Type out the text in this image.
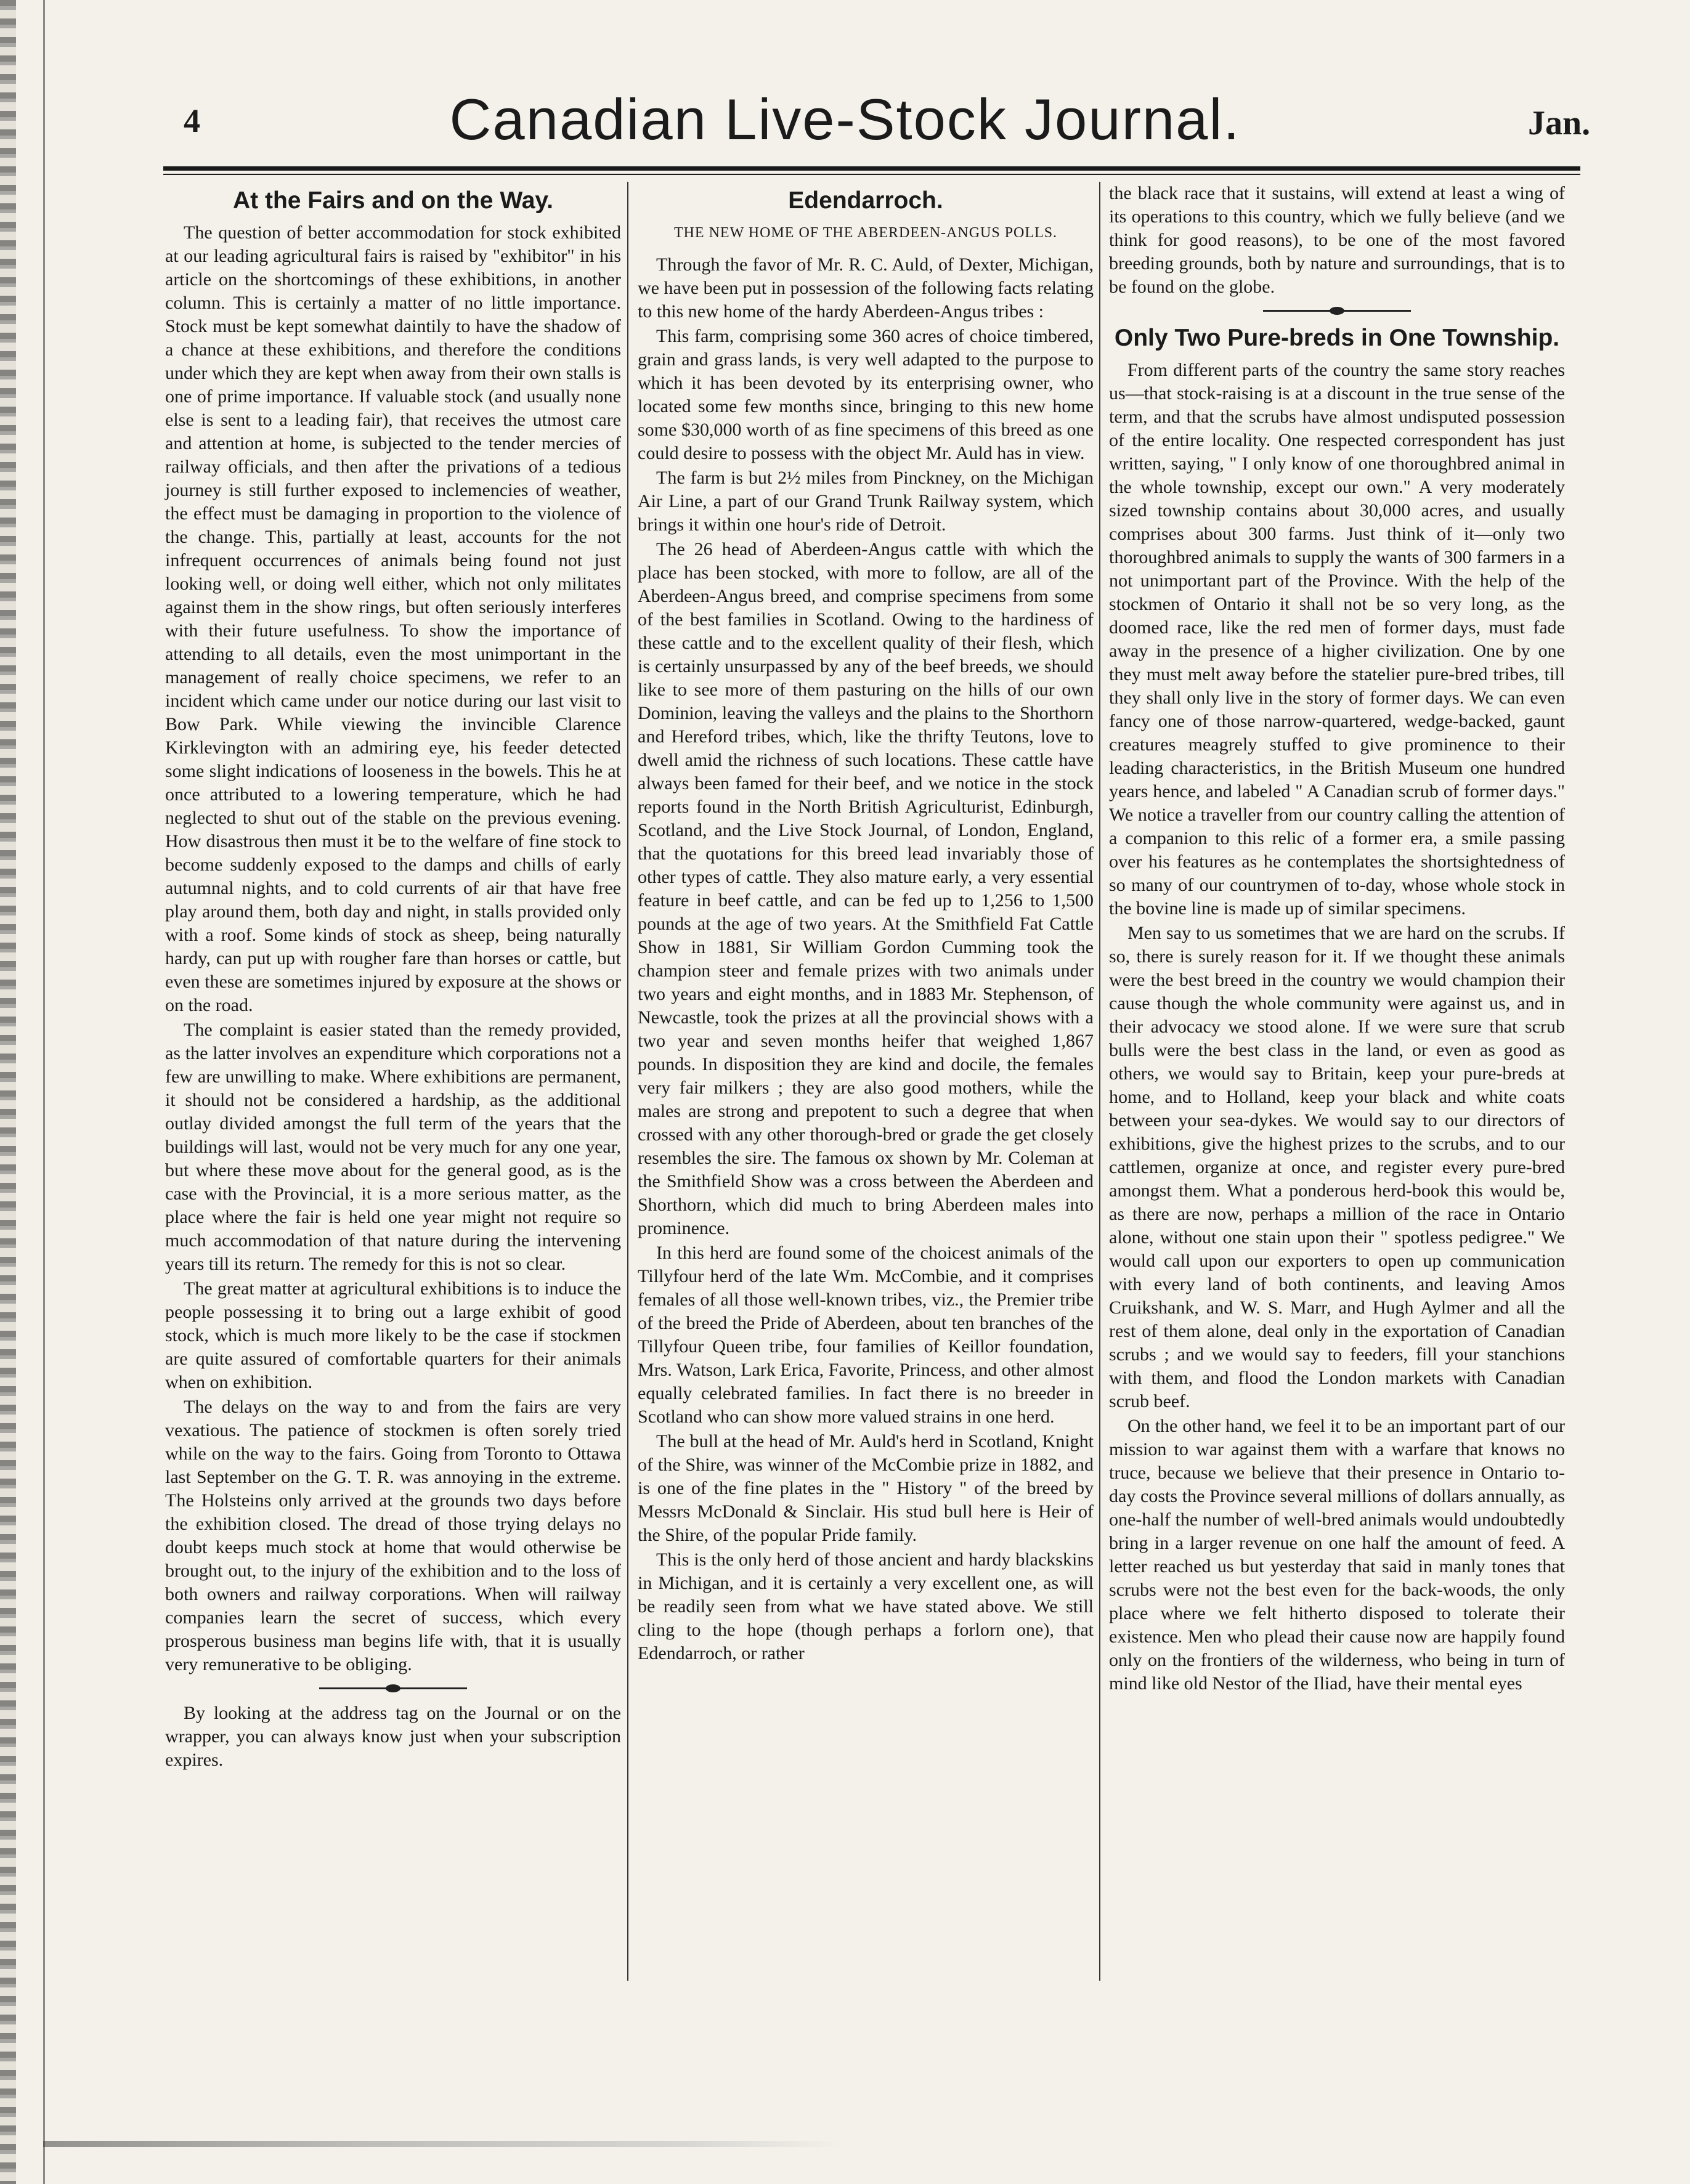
4	Canadian Live-Stock Journal.	Jan.
At the Fairs and on the Way.

The question of better accommodation for stock exhibited at our leading agricultural fairs is raised by "exhibitor" in his article on the shortcomings of these exhibitions, in another column. This is certainly a matter of no little importance. Stock must be kept somewhat daintily to have the shadow of a chance at these exhibitions, and therefore the conditions under which they are kept when away from their own stalls is one of prime importance. If valuable stock (and usually none else is sent to a leading fair), that receives the utmost care and attention at home, is subjected to the tender mercies of railway officials, and then after the privations of a tedious journey is still further exposed to inclemencies of weather, the effect must be damaging in proportion to the violence of the change. This, partially at least, accounts for the not infrequent occurrences of animals being found not just looking well, or doing well either, which not only militates against them in the show rings, but often seriously interferes with their future usefulness. To show the importance of attending to all details, even the most unimportant in the management of really choice specimens, we refer to an incident which came under our notice during our last visit to Bow Park. While viewing the invincible Clarence Kirklevington with an admiring eye, his feeder detected some slight indications of looseness in the bowels. This he at once attributed to a lowering temperature, which he had neglected to shut out of the stable on the previous evening. How disastrous then must it be to the welfare of fine stock to become suddenly exposed to the damps and chills of early autumnal nights, and to cold currents of air that have free play around them, both day and night, in stalls provided only with a roof. Some kinds of stock as sheep, being naturally hardy, can put up with rougher fare than horses or cattle, but even these are sometimes injured by exposure at the shows or on the road.

The complaint is easier stated than the remedy provided, as the latter involves an expenditure which corporations not a few are unwilling to make. Where exhibitions are permanent, it should not be considered a hardship, as the additional outlay divided amongst the full term of the years that the buildings will last, would not be very much for any one year, but where these move about for the general good, as is the case with the Provincial, it is a more serious matter, as the place where the fair is held one year might not require so much accommodation of that nature during the intervening years till its return. The remedy for this is not so clear.

The great matter at agricultural exhibitions is to induce the people possessing it to bring out a large exhibit of good stock, which is much more likely to be the case if stockmen are quite assured of comfortable quarters for their animals when on exhibition.

The delays on the way to and from the fairs are very vexatious. The patience of stockmen is often sorely tried while on the way to the fairs. Going from Toronto to Ottawa last September on the G. T. R. was annoying in the extreme. The Holsteins only arrived at the grounds two days before the exhibition closed. The dread of those trying delays no doubt keeps much stock at home that would otherwise be brought out, to the injury of the exhibition and to the loss of both owners and railway corporations. When will railway companies learn the secret of success, which every prosperous business man begins life with, that it is usually very remunerative to be obliging.

By looking at the address tag on the Journal or on the wrapper, you can always know just when your subscription expires.

Edendarroch.
THE NEW HOME OF THE ABERDEEN-ANGUS POLLS.

Through the favor of Mr. R. C. Auld, of Dexter, Michigan, we have been put in possession of the following facts relating to this new home of the hardy Aberdeen-Angus tribes :

This farm, comprising some 360 acres of choice timbered, grain and grass lands, is very well adapted to the purpose to which it has been devoted by its enterprising owner, who located some few months since, bringing to this new home some $30,000 worth of as fine specimens of this breed as one could desire to possess with the object Mr. Auld has in view.

The farm is but 2½ miles from Pinckney, on the Michigan Air Line, a part of our Grand Trunk Railway system, which brings it within one hour's ride of Detroit.

The 26 head of Aberdeen-Angus cattle with which the place has been stocked, with more to follow, are all of the Aberdeen-Angus breed, and comprise specimens from some of the best families in Scotland. Owing to the hardiness of these cattle and to the excellent quality of their flesh, which is certainly unsurpassed by any of the beef breeds, we should like to see more of them pasturing on the hills of our own Dominion, leaving the valleys and the plains to the Shorthorn and Hereford tribes, which, like the thrifty Teutons, love to dwell amid the richness of such locations. These cattle have always been famed for their beef, and we notice in the stock reports found in the North British Agriculturist, Edinburgh, Scotland, and the Live Stock Journal, of London, England, that the quotations for this breed lead invariably those of other types of cattle. They also mature early, a very essential feature in beef cattle, and can be fed up to 1,256 to 1,500 pounds at the age of two years. At the Smithfield Fat Cattle Show in 1881, Sir William Gordon Cumming took the champion steer and female prizes with two animals under two years and eight months, and in 1883 Mr. Stephenson, of Newcastle, took the prizes at all the provincial shows with a two year and seven months heifer that weighed 1,867 pounds. In disposition they are kind and docile, the females very fair milkers ; they are also good mothers, while the males are strong and prepotent to such a degree that when crossed with any other thorough-bred or grade the get closely resembles the sire. The famous ox shown by Mr. Coleman at the Smithfield Show was a cross between the Aberdeen and Shorthorn, which did much to bring Aberdeen males into prominence.

In this herd are found some of the choicest animals of the Tillyfour herd of the late Wm. McCombie, and it comprises females of all those well-known tribes, viz., the Premier tribe of the breed the Pride of Aberdeen, about ten branches of the Tillyfour Queen tribe, four families of Keillor foundation, Mrs. Watson, Lark Erica, Favorite, Princess, and other almost equally celebrated families. In fact there is no breeder in Scotland who can show more valued strains in one herd.

The bull at the head of Mr. Auld's herd in Scotland, Knight of the Shire, was winner of the McCombie prize in 1882, and is one of the fine plates in the " History " of the breed by Messrs McDonald & Sinclair. His stud bull here is Heir of the Shire, of the popular Pride family.

This is the only herd of those ancient and hardy blackskins in Michigan, and it is certainly a very excellent one, as will be readily seen from what we have stated above. We still cling to the hope (though perhaps a forlorn one), that Edendarroch, or rather

the black race that it sustains, will extend at least a wing of its operations to this country, which we fully believe (and we think for good reasons), to be one of the most favored breeding grounds, both by nature and surroundings, that is to be found on the globe.

Only Two Pure-breds in One Township.

From different parts of the country the same story reaches us—that stock-raising is at a discount in the true sense of the term, and that the scrubs have almost undisputed possession of the entire locality. One respected correspondent has just written, saying, " I only know of one thoroughbred animal in the whole township, except our own." A very moderately sized township contains about 30,000 acres, and usually comprises about 300 farms. Just think of it—only two thoroughbred animals to supply the wants of 300 farmers in a not unimportant part of the Province. With the help of the stockmen of Ontario it shall not be so very long, as the doomed race, like the red men of former days, must fade away in the presence of a higher civilization. One by one they must melt away before the statelier pure-bred tribes, till they shall only live in the story of former days. We can even fancy one of those narrow-quartered, wedge-backed, gaunt creatures meagrely stuffed to give prominence to their leading characteristics, in the British Museum one hundred years hence, and labeled " A Canadian scrub of former days." We notice a traveller from our country calling the attention of a companion to this relic of a former era, a smile passing over his features as he contemplates the shortsightedness of so many of our countrymen of to-day, whose whole stock in the bovine line is made up of similar specimens.

Men say to us sometimes that we are hard on the scrubs. If so, there is surely reason for it. If we thought these animals were the best breed in the country we would champion their cause though the whole community were against us, and in their advocacy we stood alone. If we were sure that scrub bulls were the best class in the land, or even as good as others, we would say to Britain, keep your pure-breds at home, and to Holland, keep your black and white coats between your sea-dykes. We would say to our directors of exhibitions, give the highest prizes to the scrubs, and to our cattlemen, organize at once, and register every pure-bred amongst them. What a ponderous herd-book this would be, as there are now, perhaps a million of the race in Ontario alone, without one stain upon their " spotless pedigree." We would call upon our exporters to open up communication with every land of both continents, and leaving Amos Cruikshank, and W. S. Marr, and Hugh Aylmer and all the rest of them alone, deal only in the exportation of Canadian scrubs ; and we would say to feeders, fill your stanchions with them, and flood the London markets with Canadian scrub beef.

On the other hand, we feel it to be an important part of our mission to war against them with a warfare that knows no truce, because we believe that their presence in Ontario to-day costs the Province several millions of dollars annually, as one-half the number of well-bred animals would undoubtedly bring in a larger revenue on one half the amount of feed. A letter reached us but yesterday that said in manly tones that scrubs were not the best even for the back-woods, the only place where we felt hitherto disposed to tolerate their existence. Men who plead their cause now are happily found only on the frontiers of the wilderness, who being in turn of mind like old Nestor of the Iliad, have their mental eyes
